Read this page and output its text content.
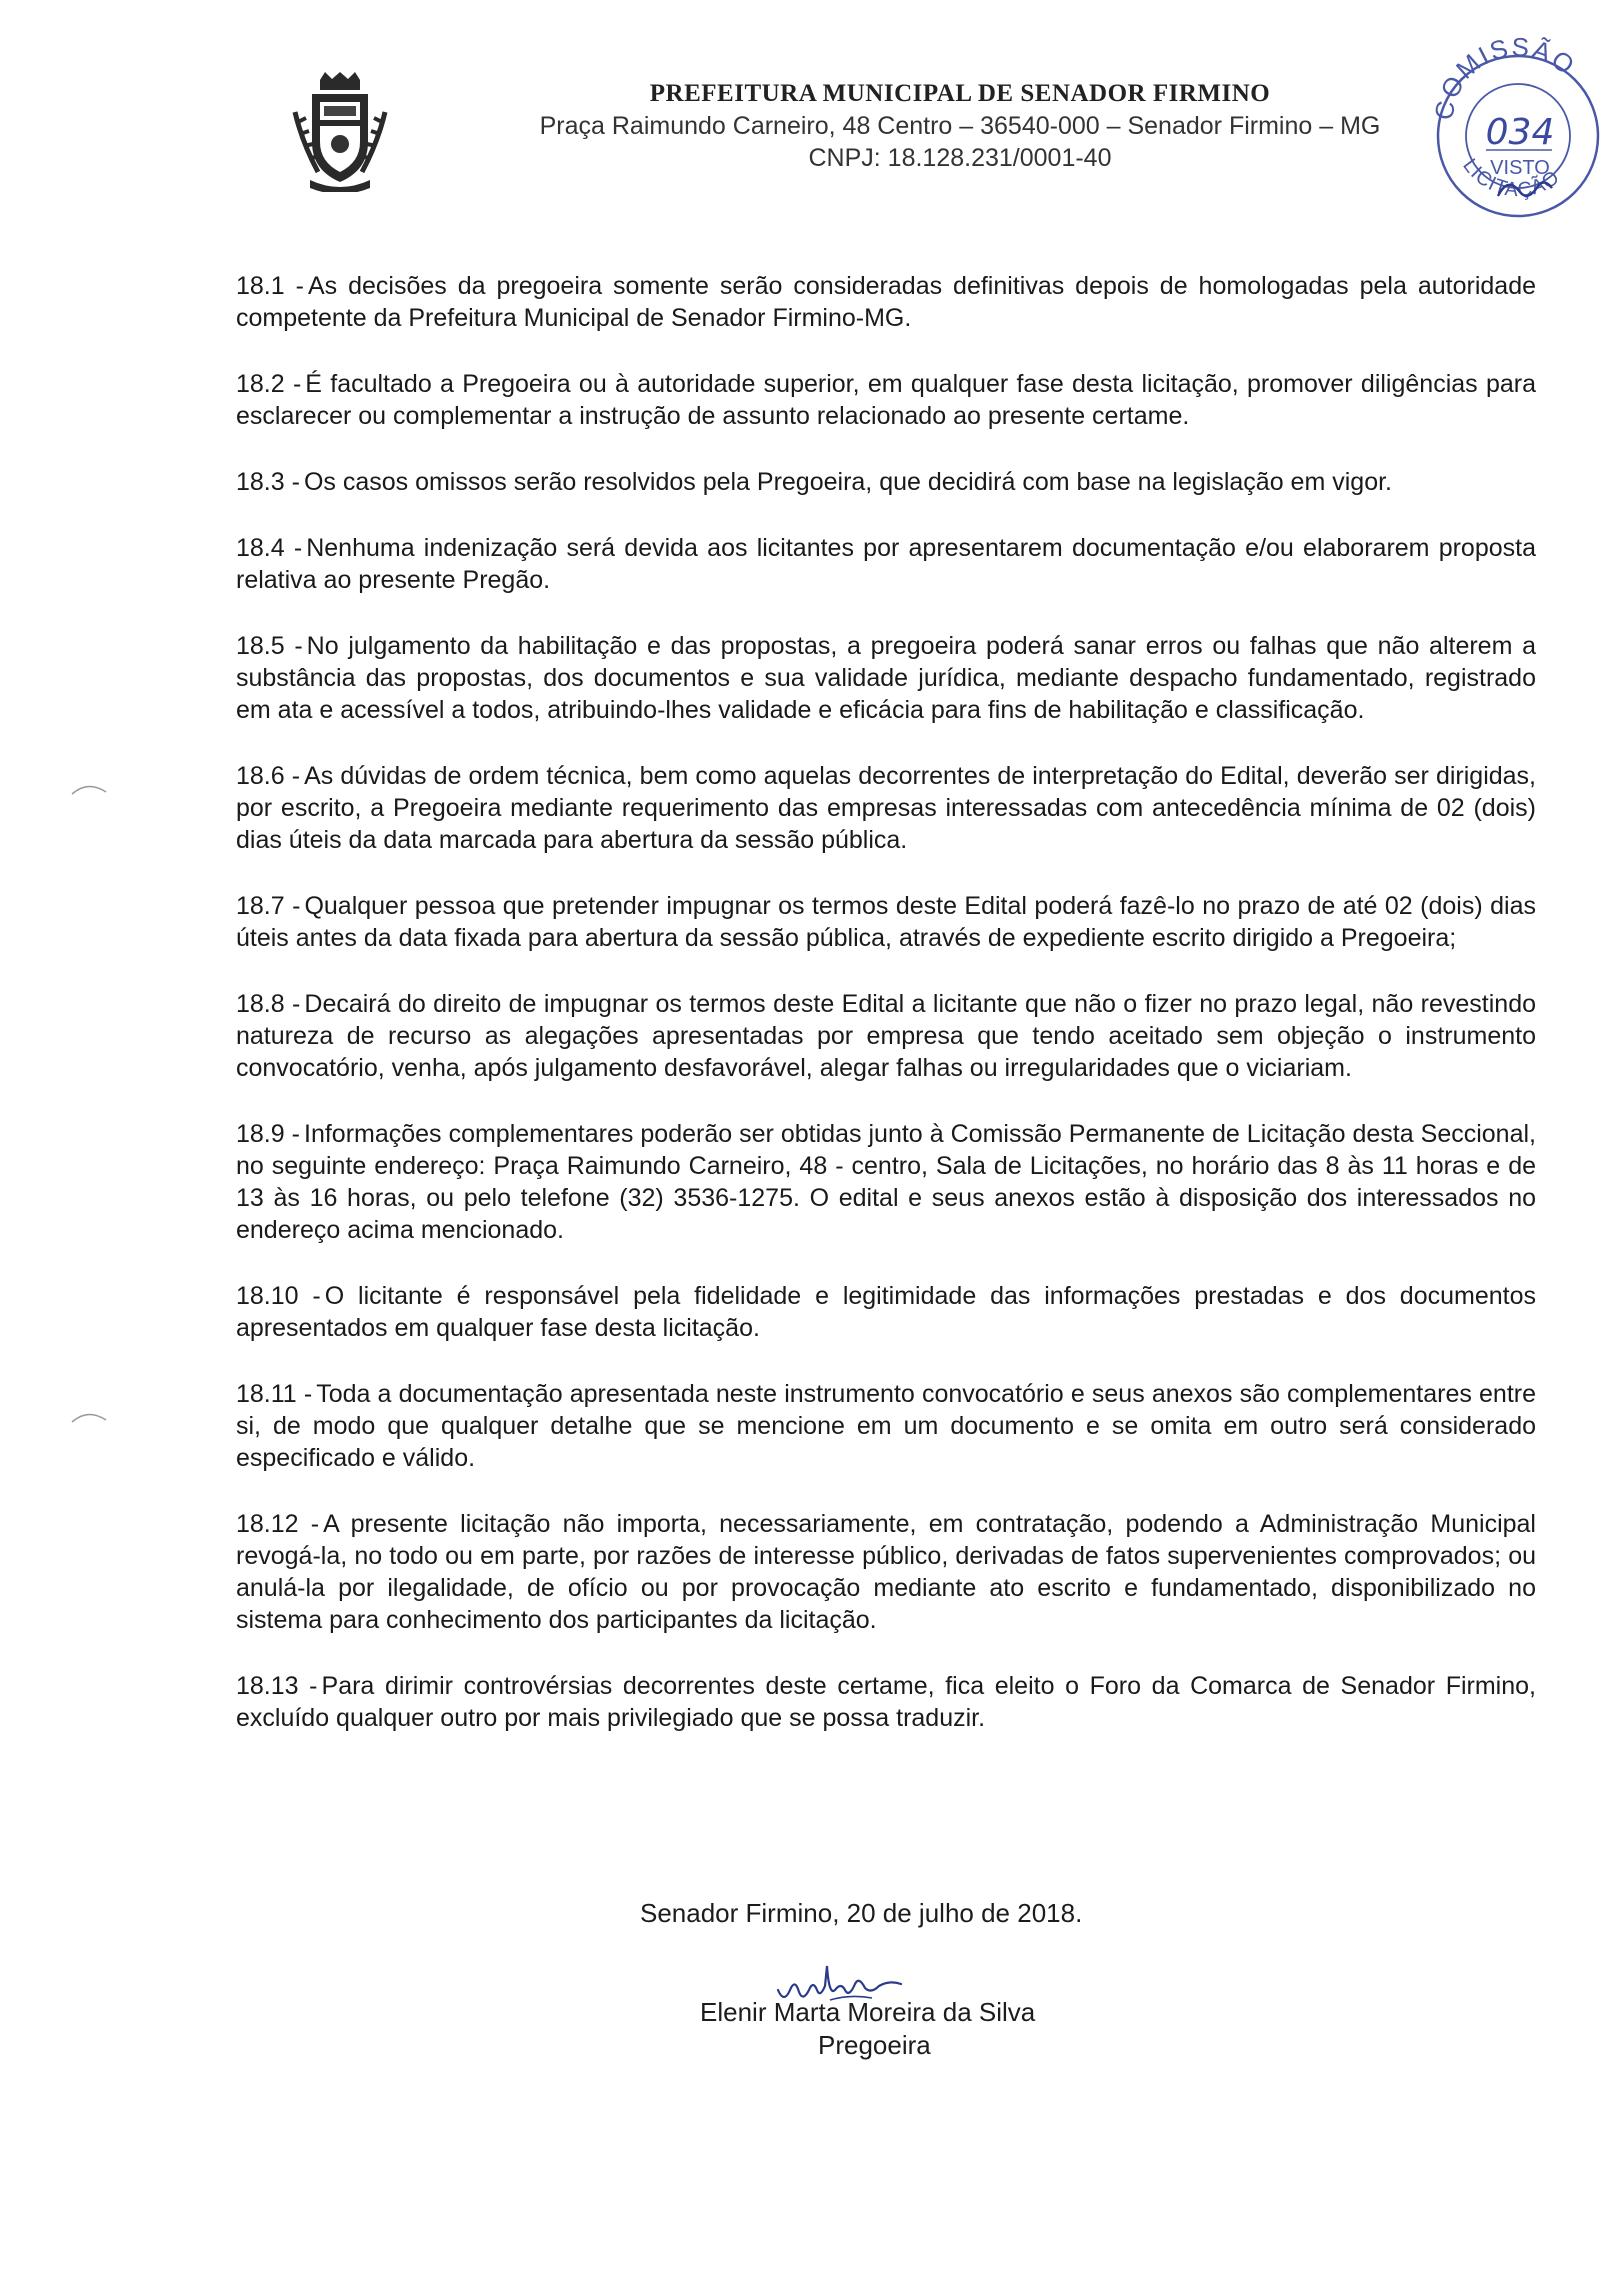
PREFEITURA MUNICIPAL DE SENADOR FIRMINO

Praça Raimundo Carneiro, 48 Centro – 36540-000 – Senador Firmino – MG

CNPJ: 18.128.231/0001-40

COMISSÃO
034
VISTO
LICITAÇÃO

18.1 - As decisões da pregoeira somente serão consideradas definitivas depois de homologadas pela autoridade competente da Prefeitura Municipal de Senador Firmino-MG.

18.2 - É facultado a Pregoeira ou à autoridade superior, em qualquer fase desta licitação, promover diligências para esclarecer ou complementar a instrução de assunto relacionado ao presente certame.

18.3 - Os casos omissos serão resolvidos pela Pregoeira, que decidirá com base na legislação em vigor.

18.4 - Nenhuma indenização será devida aos licitantes por apresentarem documentação e/ou elaborarem proposta relativa ao presente Pregão.

18.5 - No julgamento da habilitação e das propostas, a pregoeira poderá sanar erros ou falhas que não alterem a substância das propostas, dos documentos e sua validade jurídica, mediante despacho fundamentado, registrado em ata e acessível a todos, atribuindo-lhes validade e eficácia para fins de habilitação e classificação.

18.6 - As dúvidas de ordem técnica, bem como aquelas decorrentes de interpretação do Edital, deverão ser dirigidas, por escrito, a Pregoeira mediante requerimento das empresas interessadas com antecedência mínima de 02 (dois) dias úteis da data marcada para abertura da sessão pública.

18.7 - Qualquer pessoa que pretender impugnar os termos deste Edital poderá fazê-lo no prazo de até 02 (dois) dias úteis antes da data fixada para abertura da sessão pública, através de expediente escrito dirigido a Pregoeira;

18.8 - Decairá do direito de impugnar os termos deste Edital a licitante que não o fizer no prazo legal, não revestindo natureza de recurso as alegações apresentadas por empresa que tendo aceitado sem objeção o instrumento convocatório, venha, após julgamento desfavorável, alegar falhas ou irregularidades que o viciariam.

18.9 - Informações complementares poderão ser obtidas junto à Comissão Permanente de Licitação desta Seccional, no seguinte endereço: Praça Raimundo Carneiro, 48 - centro, Sala de Licitações, no horário das 8 às 11 horas e de 13 às 16 horas, ou pelo telefone (32) 3536-1275. O edital e seus anexos estão à disposição dos interessados no endereço acima mencionado.

18.10 - O licitante é responsável pela fidelidade e legitimidade das informações prestadas e dos documentos apresentados em qualquer fase desta licitação.

18.11 - Toda a documentação apresentada neste instrumento convocatório e seus anexos são complementares entre si, de modo que qualquer detalhe que se mencione em um documento e se omita em outro será considerado especificado e válido.

18.12 - A presente licitação não importa, necessariamente, em contratação, podendo a Administração Municipal revogá-la, no todo ou em parte, por razões de interesse público, derivadas de fatos supervenientes comprovados; ou anulá-la por ilegalidade, de ofício ou por provocação mediante ato escrito e fundamentado, disponibilizado no sistema para conhecimento dos participantes da licitação.

18.13 - Para dirimir controvérsias decorrentes deste certame, fica eleito o Foro da Comarca de Senador Firmino, excluído qualquer outro por mais privilegiado que se possa traduzir.

Senador Firmino, 20 de julho de 2018.
Elenir Marta Moreira da Silva
Pregoeira
